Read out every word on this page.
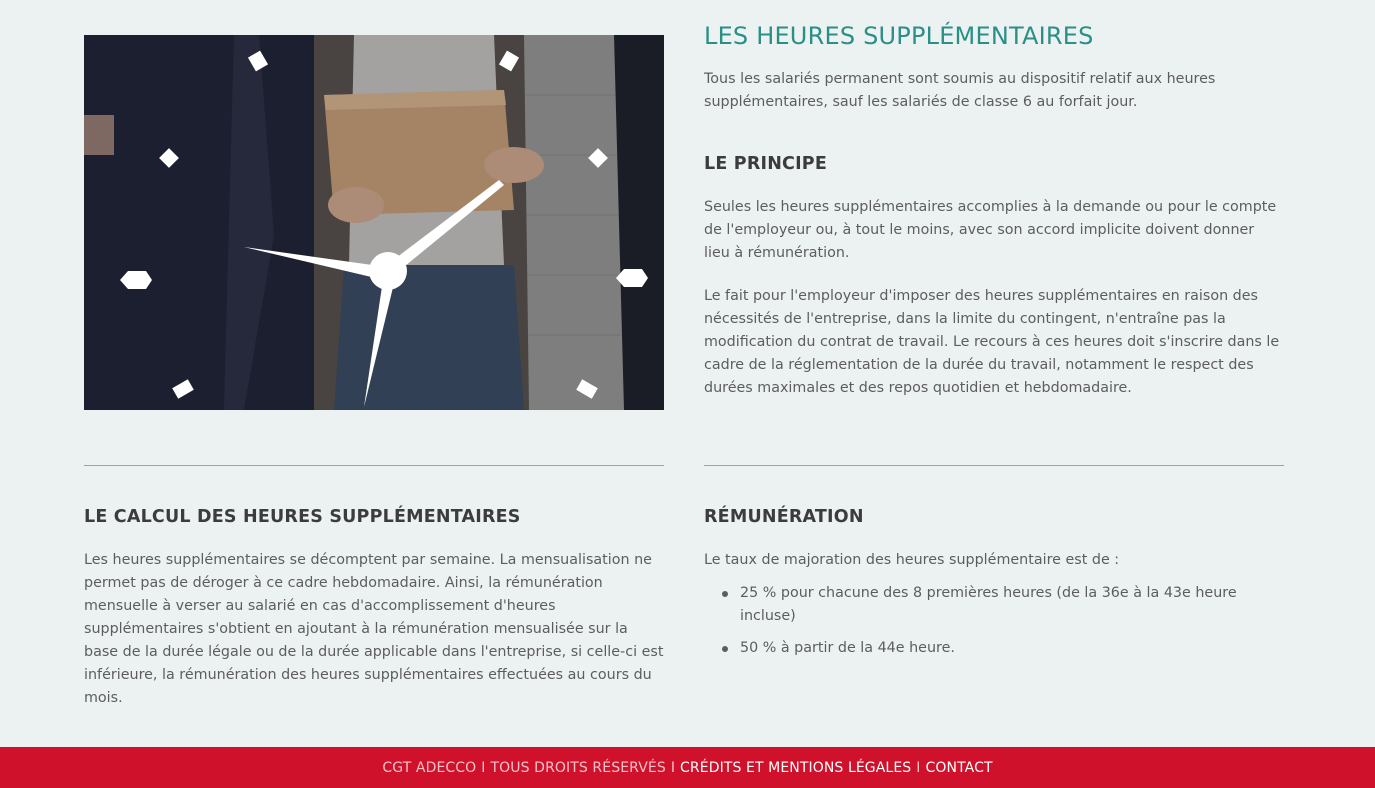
LES HEURES SUPPLÉMENTAIRES

Tous les salariés permanent sont soumis au dispositif relatif aux heures supplémentaires, sauf les salariés de classe 6 au forfait jour.

LE PRINCIPE

Seules les heures supplémentaires accomplies à la demande ou pour le compte de l'employeur ou, à tout le moins, avec son accord implicite doivent donner lieu à rémunération.

Le fait pour l'employeur d'imposer des heures supplémentaires en raison des nécessités de l'entreprise, dans la limite du contingent, n'entraîne pas la modification du contrat de travail. Le recours à ces heures doit s'inscrire dans le cadre de la réglementation de la durée du travail, notamment le respect des durées maximales et des repos quotidien et hebdomadaire.

LE CALCUL DES HEURES SUPPLÉMENTAIRES

Les heures supplémentaires se décomptent par semaine. La mensualisation ne permet pas de déroger à ce cadre hebdomadaire. Ainsi, la rémunération mensuelle à verser au salarié en cas d'accomplissement d'heures supplémentaires s'obtient en ajoutant à la rémunération mensualisée sur la base de la durée légale ou de la durée applicable dans l'entreprise, si celle-ci est inférieure, la rémunération des heures supplémentaires effectuées au cours du mois.

RÉMUNÉRATION

Le taux de majoration des heures supplémentaire est de :

25 % pour chacune des 8 premières heures (de la 36e à la 43e heure incluse)
50 % à partir de la 44e heure.
CGT ADECCO I TOUS DROITS RÉSERVÉS I CRÉDITS ET MENTIONS LÉGALES I CONTACT
